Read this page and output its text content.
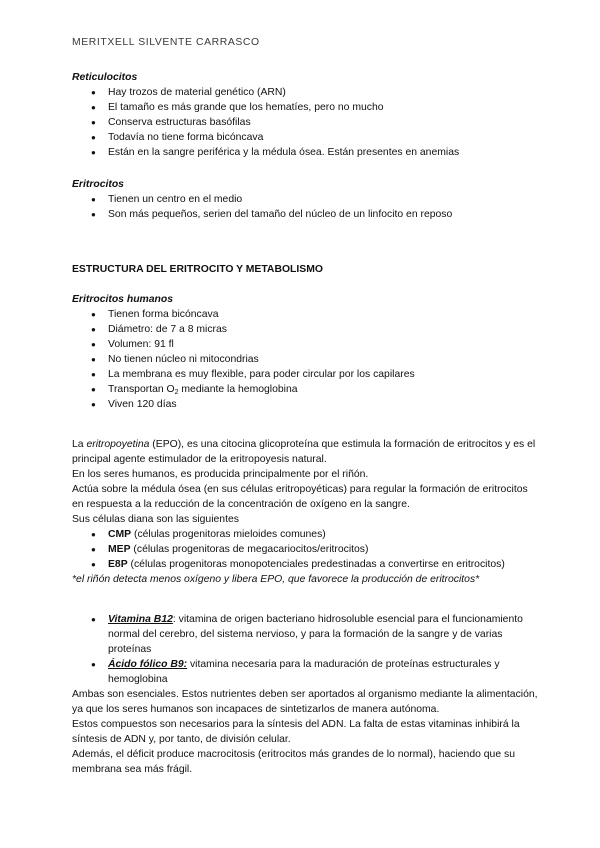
MERITXELL SILVENTE CARRASCO

Reticulocitos

● Hay trozos de material genético (ARN)
● El tamaño es más grande que los hematíes, pero no mucho
● Conserva estructuras basófilas
● Todavía no tiene forma bicóncava
● Están en la sangre periférica y la médula ósea. Están presentes en anemias

Eritrocitos

● Tienen un centro en el medio
● Son más pequeños, serien del tamaño del núcleo de un linfocito en reposo

ESTRUCTURA DEL ERITROCITO Y METABOLISMO

Eritrocitos humanos

● Tienen forma bicóncava
● Diámetro: de 7 a 8 micras
● Volumen: 91 fl
● No tienen núcleo ni mitocondrias
● La membrana es muy flexible, para poder circular por los capilares
● Transportan $O_2$ mediante la hemoglobina
● Viven 120 días

La eritropoyetina (EPO), es una citocina glicoproteína que estimula la formación de eritrocitos y es el principal agente estimulador de la eritropoyesis natural.

En los seres humanos, es producida principalmente por el riñón.

Actúa sobre la médula ósea (en sus células eritropoyéticas) para regular la formación de eritrocitos en respuesta a la reducción de la concentración de oxígeno en la sangre.

Sus células diana son las siguientes

● CMP (células progenitoras mieloides comunes)
● MEP (células progenitoras de megacariocitos/eritrocitos)
● E8P (células progenitoras monopotenciales predestinadas a convertirse en eritrocitos)

*el riñón detecta menos oxígeno y libera EPO, que favorece la producción de eritrocitos*

● Vitamina B12: vitamina de origen bacteriano hidrosoluble esencial para el funcionamiento normal del cerebro, del sistema nervioso, y para la formación de la sangre y de varias proteínas
● Ácido fólico B9: vitamina necesaria para la maduración de proteínas estructurales y hemoglobina

Ambas son esenciales. Estos nutrientes deben ser aportados al organismo mediante la alimentación, ya que los seres humanos son incapaces de sintetizarlos de manera autónoma.

Estos compuestos son necesarios para la síntesis del ADN. La falta de estas vitaminas inhibirá la síntesis de ADN y, por tanto, de división celular.

Además, el déficit produce macrocitosis (eritrocitos más grandes de lo normal), haciendo que su membrana sea más frágil.
